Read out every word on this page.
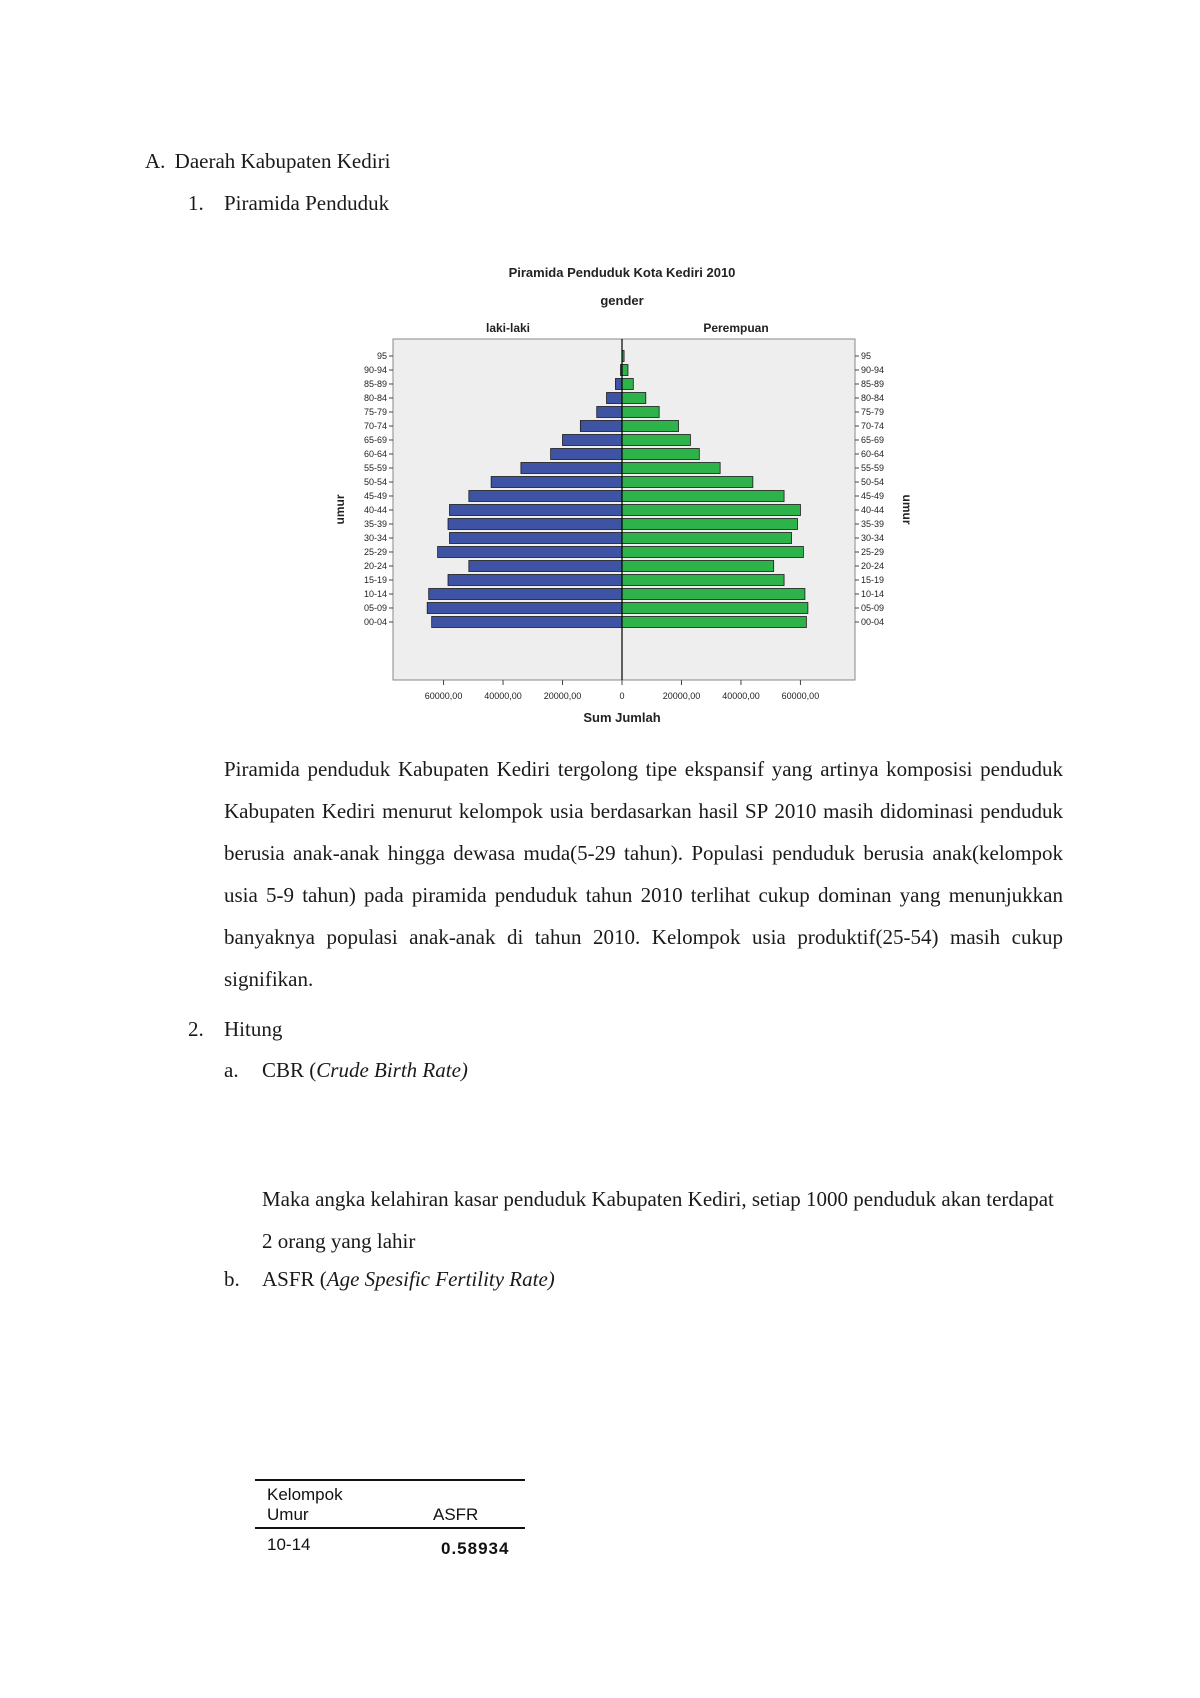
A. Daerah Kabupaten Kediri
1. Piramida Penduduk
Piramida Penduduk Kota Kediri 2010
gender
laki-laki	Perempuan
95
90-94
85-89
80-84
75-79
70-74
65-69
60-64
55-59
50-54
45-49
40-44
35-39
30-34
25-29
20-24
15-19
10-14
05-09
00-04
95
90-94
85-89
80-84
75-79
70-74
65-69
60-64
55-59
50-54
45-49
40-44
35-39
30-34
25-29
20-24
15-19
10-14
05-09
00-04
60000,00 40000,00 20000,00	0	20000,00 40000,00 60000,00
umur	umur
Sum Jumlah
Piramida penduduk Kabupaten Kediri tergolong tipe ekspansif yang artinya komposisi penduduk Kabupaten Kediri menurut kelompok usia berdasarkan hasil SP 2010 masih didominasi penduduk berusia anak-anak hingga dewasa muda(5-29 tahun). Populasi penduduk berusia anak(kelompok usia 5-9 tahun) pada piramida penduduk tahun 2010 terlihat cukup dominan yang menunjukkan banyaknya populasi anak-anak di tahun 2010. Kelompok usia produktif(25-54) masih cukup signifikan.
2. Hitung
a. CBR (Crude Birth Rate)
Maka angka kelahiran kasar penduduk Kabupaten Kediri, setiap 1000 penduduk akan terdapat 2 orang yang lahir
b. ASFR (Age Spesific Fertility Rate)
Kelompok
Umur	ASFR
10-14	0.58934
